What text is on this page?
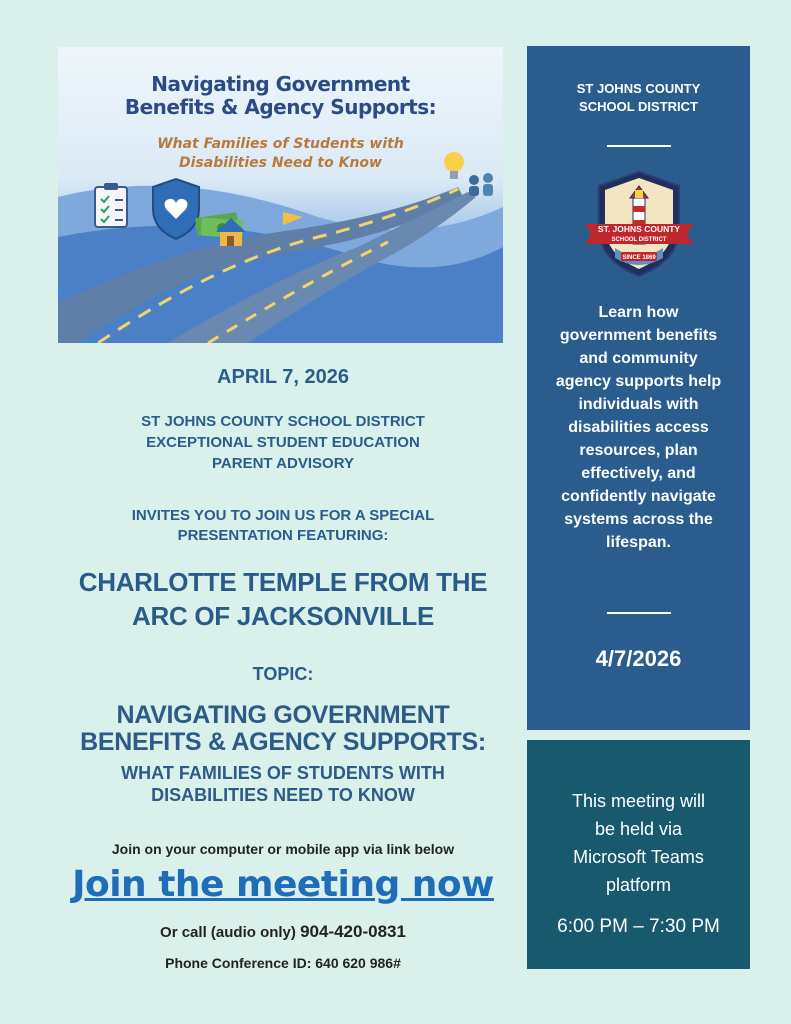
Navigating Government
Benefits & Agency Supports:
What Families of Students with
Disabilities Need to Know
APRIL 7, 2026
ST JOHNS COUNTY SCHOOL DISTRICT
EXCEPTIONAL STUDENT EDUCATION
PARENT ADVISORY
INVITES YOU TO JOIN US FOR A SPECIAL
PRESENTATION FEATURING:
CHARLOTTE TEMPLE FROM THE
ARC OF JACKSONVILLE
TOPIC:
NAVIGATING GOVERNMENT
BENEFITS & AGENCY SUPPORTS:
WHAT FAMILIES OF STUDENTS WITH
DISABILITIES NEED TO KNOW
Join on your computer or mobile app via link below
Join the meeting now
Or call (audio only) 904-420-0831
Phone Conference ID: 640 620 986#
ST JOHNS COUNTY
SCHOOL DISTRICT
ST. JOHNS COUNTY
SCHOOL DISTRICT
SINCE 1869
Learn how
government benefits
and community
agency supports help
individuals with
disabilities access
resources, plan
effectively, and
confidently navigate
systems across the
lifespan.
4/7/2026
This meeting will
be held via
Microsoft Teams
platform
6:00 PM – 7:30 PM
